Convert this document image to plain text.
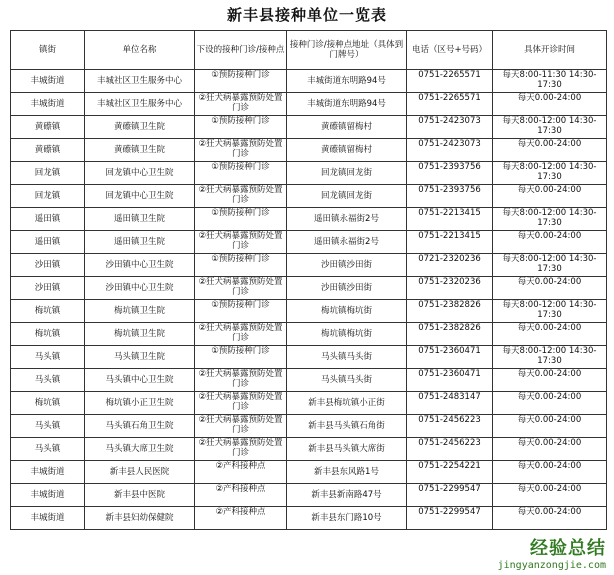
新丰县接种单位一览表
镇街	单位名称	下设的接种门诊/接种点	接种门诊/接种点地址（具体到门牌号）	电话（区号+号码）	具体开诊时间
丰城街道	丰城社区卫生服务中心	①预防接种门诊	丰城街道东明路94号	0751-2265571	每天8:00-11:30 14:30-17:30
丰城街道	丰城社区卫生服务中心	②狂犬病暴露预防处置门诊	丰城街道东明路94号	0751-2265571	每天0.00-24:00
黄礤镇	黄礤镇卫生院	①预防接种门诊	黄礤镇留梅村	0751-2423073	每天8:00-12:00 14:30-17:30
黄礤镇	黄礤镇卫生院	②狂犬病暴露预防处置门诊	黄礤镇留梅村	0751-2423073	每天0.00-24:00
回龙镇	回龙镇中心卫生院	①预防接种门诊	回龙镇回龙街	0751-2393756	每天8:00-12:00 14:30-17:30
回龙镇	回龙镇中心卫生院	②狂犬病暴露预防处置门诊	回龙镇回龙街	0751-2393756	每天0.00-24:00
遥田镇	遥田镇卫生院	①预防接种门诊	遥田镇永福街2号	0751-2213415	每天8:00-12:00 14:30-17:30
遥田镇	遥田镇卫生院	②狂犬病暴露预防处置门诊	遥田镇永福街2号	0751-2213415	每天0.00-24:00
沙田镇	沙田镇中心卫生院	①预防接种门诊	沙田镇沙田街	0721-2320236	每天8:00-12:00 14:30-17:30
沙田镇	沙田镇中心卫生院	②狂犬病暴露预防处置门诊	沙田镇沙田街	0751-2320236	每天0.00-24:00
梅坑镇	梅坑镇卫生院	①预防接种门诊	梅坑镇梅坑街	0751-2382826	每天8:00-12:00 14:30-17:30
梅坑镇	梅坑镇卫生院	②狂犬病暴露预防处置门诊	梅坑镇梅坑街	0751-2382826	每天0.00-24:00
马头镇	马头镇卫生院	①预防接种门诊	马头镇马头街	0751-2360471	每天8:00-12:00 14:30-17:30
马头镇	马头镇中心卫生院	②狂犬病暴露预防处置门诊	马头镇马头街	0751-2360471	每天0.00-24:00
梅坑镇	梅坑镇小正卫生院	②狂犬病暴露预防处置门诊	新丰县梅坑镇小正街	0751-2483147	每天0.00-24:00
马头镇	马头镇石角卫生院	②狂犬病暴露预防处置门诊	新丰县马头镇石角街	0751-2456223	每天0.00-24:00
马头镇	马头镇大席卫生院	②狂犬病暴露预防处置门诊	新丰县马头镇大席街	0751-2456223	每天0.00-24:00
丰城街道	新丰县人民医院	②产科接种点	新丰县东风路1号	0751-2254221	每天0.00-24:00
丰城街道	新丰县中医院	②产科接种点	新丰县新南路47号	0751-2299547	每天0.00-24:00
丰城街道	新丰县妇幼保健院	②产科接种点	新丰县东门路10号	0751-2299547	每天0.00-24:00
经验总结
jingyanzongjie.com
